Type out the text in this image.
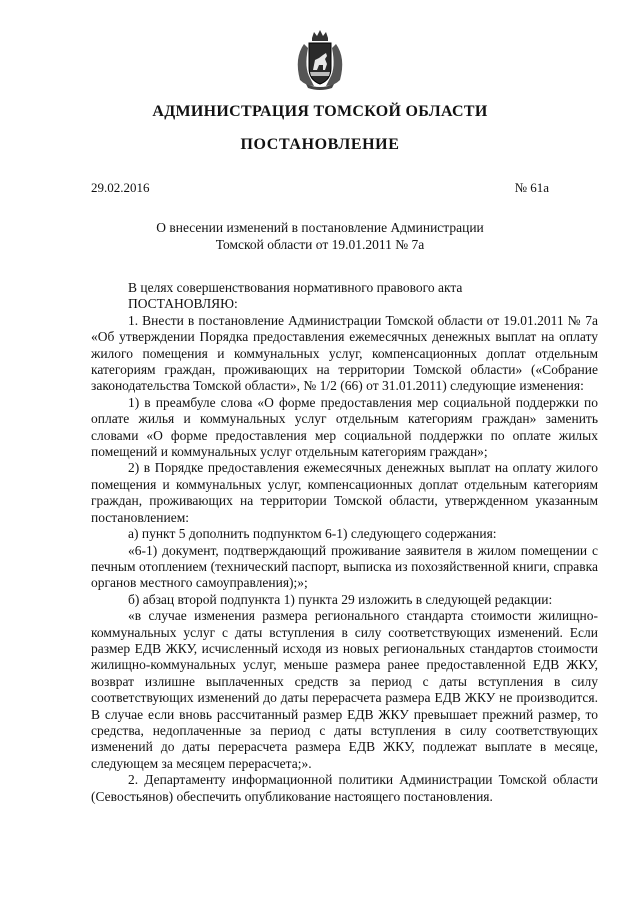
АДМИНИСТРАЦИЯ ТОМСКОЙ ОБЛАСТИ
ПОСТАНОВЛЕНИЕ
29.02.2016	№ 61а
О внесении изменений в постановление Администрации
Томской области от 19.01.2011 № 7а

В целях совершенствования нормативного правового акта

ПОСТАНОВЛЯЮ:

1. Внести в постановление Администрации Томской области от 19.01.2011 № 7а «Об утверждении Порядка предоставления ежемесячных денежных выплат на оплату жилого помещения и коммунальных услуг, компенсационных доплат отдельным категориям граждан, проживающих на территории Томской области» («Собрание законодательства Томской области», № 1/2 (66) от 31.01.2011) следующие изменения:

1) в преамбуле слова «О форме предоставления мер социальной поддержки по оплате жилья и коммунальных услуг отдельным категориям граждан» заменить словами «О форме предоставления мер социальной поддержки по оплате жилых помещений и коммунальных услуг отдельным категориям граждан»;

2) в Порядке предоставления ежемесячных денежных выплат на оплату жилого помещения и коммунальных услуг, компенсационных доплат отдельным категориям граждан, проживающих на территории Томской области, утвержденном указанным постановлением:

а) пункт 5 дополнить подпунктом 6-1) следующего содержания:

«6-1) документ, подтверждающий проживание заявителя в жилом помещении с печным отоплением (технический паспорт, выписка из похозяйственной книги, справка органов местного самоуправления);»;

б) абзац второй подпункта 1) пункта 29 изложить в следующей редакции:

«в случае изменения размера регионального стандарта стоимости жилищно-коммунальных услуг с даты вступления в силу соответствующих изменений. Если размер ЕДВ ЖКУ, исчисленный исходя из новых региональных стандартов стоимости жилищно-коммунальных услуг, меньше размера ранее предоставленной ЕДВ ЖКУ, возврат излишне выплаченных средств за период с даты вступления в силу соответствующих изменений до даты перерасчета размера ЕДВ ЖКУ не производится. В случае если вновь рассчитанный размер ЕДВ ЖКУ превышает прежний размер, то средства, недоплаченные за период с даты вступления в силу соответствующих изменений до даты перерасчета размера ЕДВ ЖКУ, подлежат выплате в месяце, следующем за месяцем перерасчета;».

2. Департаменту информационной политики Администрации Томской области (Севостьянов) обеспечить опубликование настоящего постановления.
